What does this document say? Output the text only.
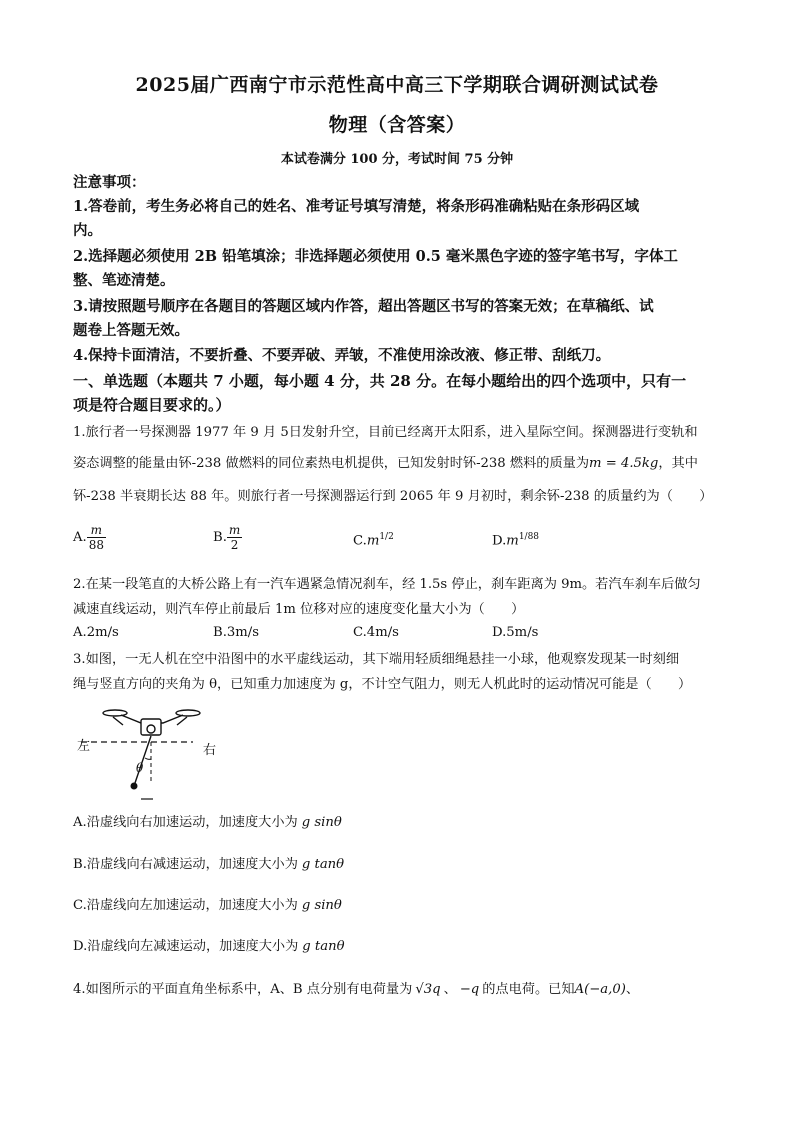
2025届广西南宁市示范性高中高三下学期联合调研测试试卷
物理（含答案）
本试卷满分 100 分，考试时间 75 分钟
注意事项：
1.答卷前，考生务必将自己的姓名、准考证号填写清楚，将条形码准确粘贴在条形码区域
内。
2.选择题必须使用 2B 铅笔填涂；非选择题必须使用 0.5 毫米黑色字迹的签字笔书写，字体工
整、笔迹清楚。
3.请按照题号顺序在各题目的答题区域内作答，超出答题区书写的答案无效；在草稿纸、试
题卷上答题无效。
4.保持卡面清洁，不要折叠、不要弄破、弄皱，不准使用涂改液、修正带、刮纸刀。
一、单选题（本题共 7 小题，每小题 4 分，共 28 分。在每小题给出的四个选项中，只有一
项是符合题目要求的。）
1.旅行者一号探测器 1977 年 9 月 5日发射升空，目前已经离开太阳系，进入星际空间。探测器进行变轨和
姿态调整的能量由钚-238 做燃料的同位素热电机提供，已知发射时钚-238 燃料的质量为m = 4.5kg，其中
钚-238 半衰期长达 88 年。则旅行者一号探测器运行到 2065 年 9 月初时，剩余钚-238 的质量约为（　　）
A. $\frac{m}{88}$	B. $\frac{m}{2}$	$C.m^{1/2}$	$D.m^{1/88}$
2.在某一段笔直的大桥公路上有一汽车遇紧急情况刹车，经 1.5s 停止，刹车距离为 9m。若汽车刹车后做匀
减速直线运动，则汽车停止前最后 1m 位移对应的速度变化量大小为（　　）
A.2m/s	B.3m/s	C.4m/s	D.5m/s
3.如图，一无人机在空中沿图中的水平虚线运动，其下端用轻质细绳悬挂一小球，他观察发现某一时刻细
绳与竖直方向的夹角为 θ，已知重力加速度为 g，不计空气阻力，则无人机此时的运动情况可能是（　　）
左	右
θ
A.沿虚线向右加速运动，加速度大小为 g sinθ
B.沿虚线向右减速运动，加速度大小为 g tanθ
C.沿虚线向左加速运动，加速度大小为 g sinθ
D.沿虚线向左减速运动，加速度大小为 g tanθ
4.如图所示的平面直角坐标系中，A、B 点分别有电荷量为 √3q 、 −q 的点电荷。已知A(−a,0)、
